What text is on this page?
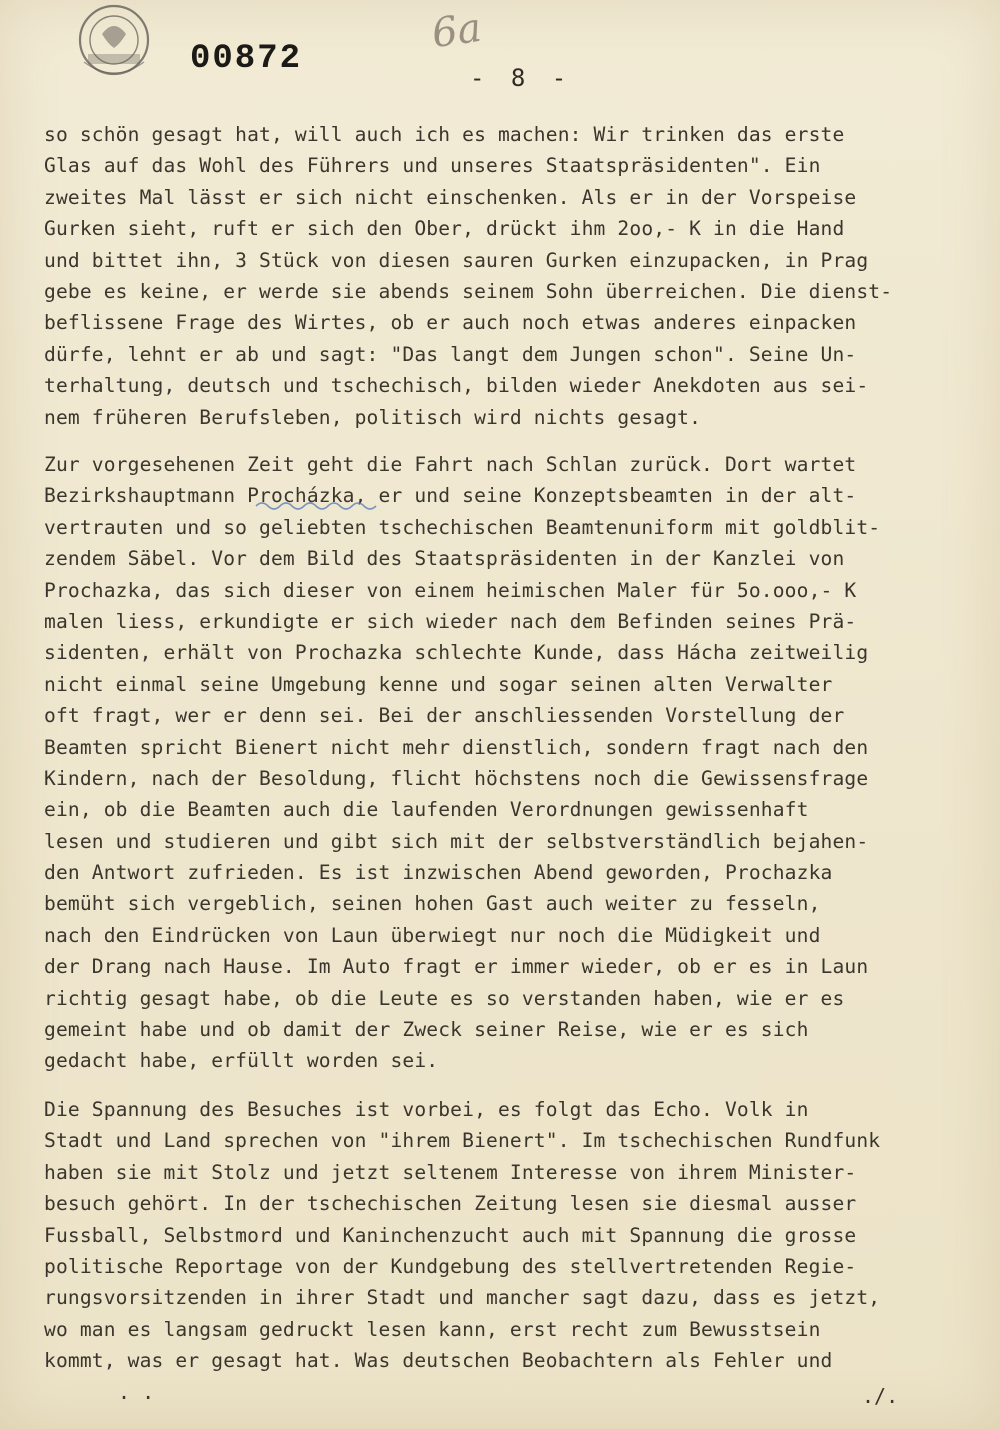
6a
00872	- 8 -
so schön gesagt hat, will auch ich es machen: Wir trinken das erste
Glas auf das Wohl des Führers und unseres Staatspräsidenten". Ein
zweites Mal lässt er sich nicht einschenken. Als er in der Vorspeise
Gurken sieht, ruft er sich den Ober, drückt ihm 2oo,- K in die Hand
und bittet ihn, 3 Stück von diesen sauren Gurken einzupacken, in Prag
gebe es keine, er werde sie abends seinem Sohn überreichen. Die dienst-
beflissene Frage des Wirtes, ob er auch noch etwas anderes einpacken
dürfe, lehnt er ab und sagt: "Das langt dem Jungen schon". Seine Un-
terhaltung, deutsch und tschechisch, bilden wieder Anekdoten aus sei-
nem früheren Berufsleben, politisch wird nichts gesagt.
Zur vorgesehenen Zeit geht die Fahrt nach Schlan zurück. Dort wartet
Bezirkshauptmann Procházka, er und seine Konzeptsbeamten in der alt-
vertrauten und so geliebten tschechischen Beamtenuniform mit goldblit-
zendem Säbel. Vor dem Bild des Staatspräsidenten in der Kanzlei von
Prochazka, das sich dieser von einem heimischen Maler für 5o.ooo,- K
malen liess, erkundigte er sich wieder nach dem Befinden seines Prä-
sidenten, erhält von Prochazka schlechte Kunde, dass Hácha zeitweilig
nicht einmal seine Umgebung kenne und sogar seinen alten Verwalter
oft fragt, wer er denn sei. Bei der anschliessenden Vorstellung der
Beamten spricht Bienert nicht mehr dienstlich, sondern fragt nach den
Kindern, nach der Besoldung, flicht höchstens noch die Gewissensfrage
ein, ob die Beamten auch die laufenden Verordnungen gewissenhaft
lesen und studieren und gibt sich mit der selbstverständlich bejahen-
den Antwort zufrieden. Es ist inzwischen Abend geworden, Prochazka
bemüht sich vergeblich, seinen hohen Gast auch weiter zu fesseln,
nach den Eindrücken von Laun überwiegt nur noch die Müdigkeit und
der Drang nach Hause. Im Auto fragt er immer wieder, ob er es in Laun
richtig gesagt habe, ob die Leute es so verstanden haben, wie er es
gemeint habe und ob damit der Zweck seiner Reise, wie er es sich
gedacht habe, erfüllt worden sei.
Die Spannung des Besuches ist vorbei, es folgt das Echo. Volk in
Stadt und Land sprechen von "ihrem Bienert". Im tschechischen Rundfunk
haben sie mit Stolz und jetzt seltenem Interesse von ihrem Minister-
besuch gehört. In der tschechischen Zeitung lesen sie diesmal ausser
Fussball, Selbstmord und Kaninchenzucht auch mit Spannung die grosse
politische Reportage von der Kundgebung des stellvertretenden Regie-
rungsvorsitzenden in ihrer Stadt und mancher sagt dazu, dass es jetzt,
wo man es langsam gedruckt lesen kann, erst recht zum Bewusstsein
kommt, was er gesagt hat. Was deutschen Beobachtern als Fehler und
. .	./.
